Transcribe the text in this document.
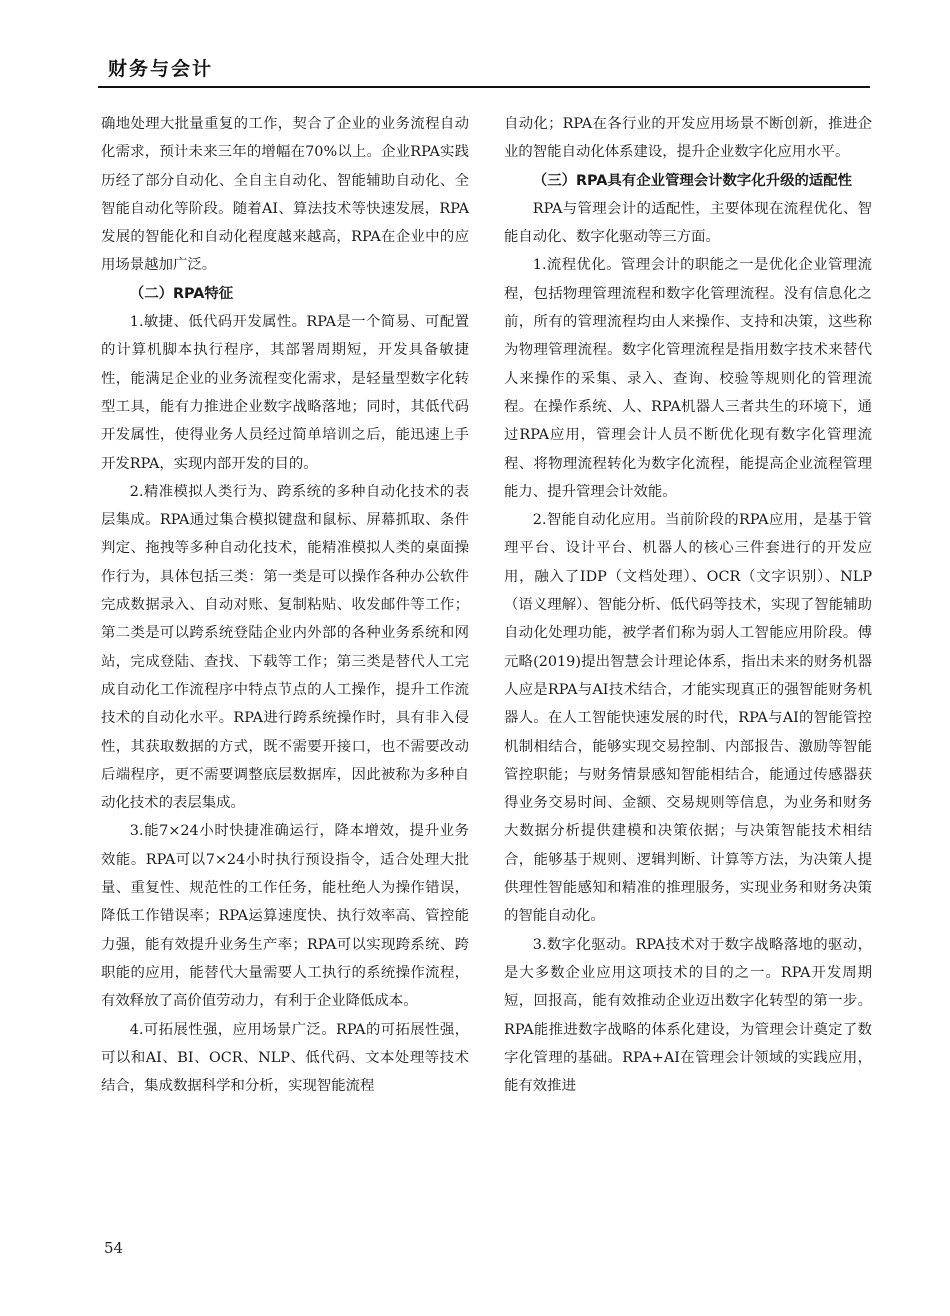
财务与会计

确地处理大批量重复的工作，契合了企业的业务流程自动化需求，预计未来三年的增幅在70%以上。企业RPA实践历经了部分自动化、全自主自动化、智能辅助自动化、全智能自动化等阶段。随着AI、算法技术等快速发展，RPA发展的智能化和自动化程度越来越高，RPA在企业中的应用场景越加广泛。

（二）RPA特征

1.敏捷、低代码开发属性。RPA是一个简易、可配置的计算机脚本执行程序，其部署周期短，开发具备敏捷性，能满足企业的业务流程变化需求，是轻量型数字化转型工具，能有力推进企业数字战略落地；同时，其低代码开发属性，使得业务人员经过简单培训之后，能迅速上手开发RPA，实现内部开发的目的。

2.精准模拟人类行为、跨系统的多种自动化技术的表层集成。RPA通过集合模拟键盘和鼠标、屏幕抓取、条件判定、拖拽等多种自动化技术，能精准模拟人类的桌面操作行为，具体包括三类：第一类是可以操作各种办公软件完成数据录入、自动对账、复制粘贴、收发邮件等工作；第二类是可以跨系统登陆企业内外部的各种业务系统和网站，完成登陆、查找、下载等工作；第三类是替代人工完成自动化工作流程序中特点节点的人工操作，提升工作流技术的自动化水平。RPA进行跨系统操作时，具有非入侵性，其获取数据的方式，既不需要开接口，也不需要改动后端程序，更不需要调整底层数据库，因此被称为多种自动化技术的表层集成。

3.能7×24小时快捷准确运行，降本增效，提升业务效能。RPA可以7×24小时执行预设指令，适合处理大批量、重复性、规范性的工作任务，能杜绝人为操作错误，降低工作错误率；RPA运算速度快、执行效率高、管控能力强，能有效提升业务生产率；RPA可以实现跨系统、跨职能的应用，能替代大量需要人工执行的系统操作流程，有效释放了高价值劳动力，有利于企业降低成本。

4.可拓展性强，应用场景广泛。RPA的可拓展性强，可以和AI、BI、OCR、NLP、低代码、文本处理等技术结合，集成数据科学和分析，实现智能流程

自动化；RPA在各行业的开发应用场景不断创新，推进企业的智能自动化体系建设，提升企业数字化应用水平。

（三）RPA具有企业管理会计数字化升级的适配性

RPA与管理会计的适配性，主要体现在流程优化、智能自动化、数字化驱动等三方面。

1.流程优化。管理会计的职能之一是优化企业管理流程，包括物理管理流程和数字化管理流程。没有信息化之前，所有的管理流程均由人来操作、支持和决策，这些称为物理管理流程。数字化管理流程是指用数字技术来替代人来操作的采集、录入、查询、校验等规则化的管理流程。在操作系统、人、RPA机器人三者共生的环境下，通过RPA应用，管理会计人员不断优化现有数字化管理流程、将物理流程转化为数字化流程，能提高企业流程管理能力、提升管理会计效能。

2.智能自动化应用。当前阶段的RPA应用，是基于管理平台、设计平台、机器人的核心三件套进行的开发应用，融入了IDP（文档处理）、OCR（文字识别）、NLP（语义理解）、智能分析、低代码等技术，实现了智能辅助自动化处理功能，被学者们称为弱人工智能应用阶段。傅元略(2019)提出智慧会计理论体系，指出未来的财务机器人应是RPA与AI技术结合，才能实现真正的强智能财务机器人。在人工智能快速发展的时代，RPA与AI的智能管控机制相结合，能够实现交易控制、内部报告、激励等智能管控职能；与财务情景感知智能相结合，能通过传感器获得业务交易时间、金额、交易规则等信息，为业务和财务大数据分析提供建模和决策依据；与决策智能技术相结合，能够基于规则、逻辑判断、计算等方法，为决策人提供理性智能感知和精准的推理服务，实现业务和财务决策的智能自动化。

3.数字化驱动。RPA技术对于数字战略落地的驱动，是大多数企业应用这项技术的目的之一。RPA开发周期短，回报高，能有效推动企业迈出数字化转型的第一步。RPA能推进数字战略的体系化建设，为管理会计奠定了数字化管理的基础。RPA+AI在管理会计领域的实践应用，能有效推进

54
